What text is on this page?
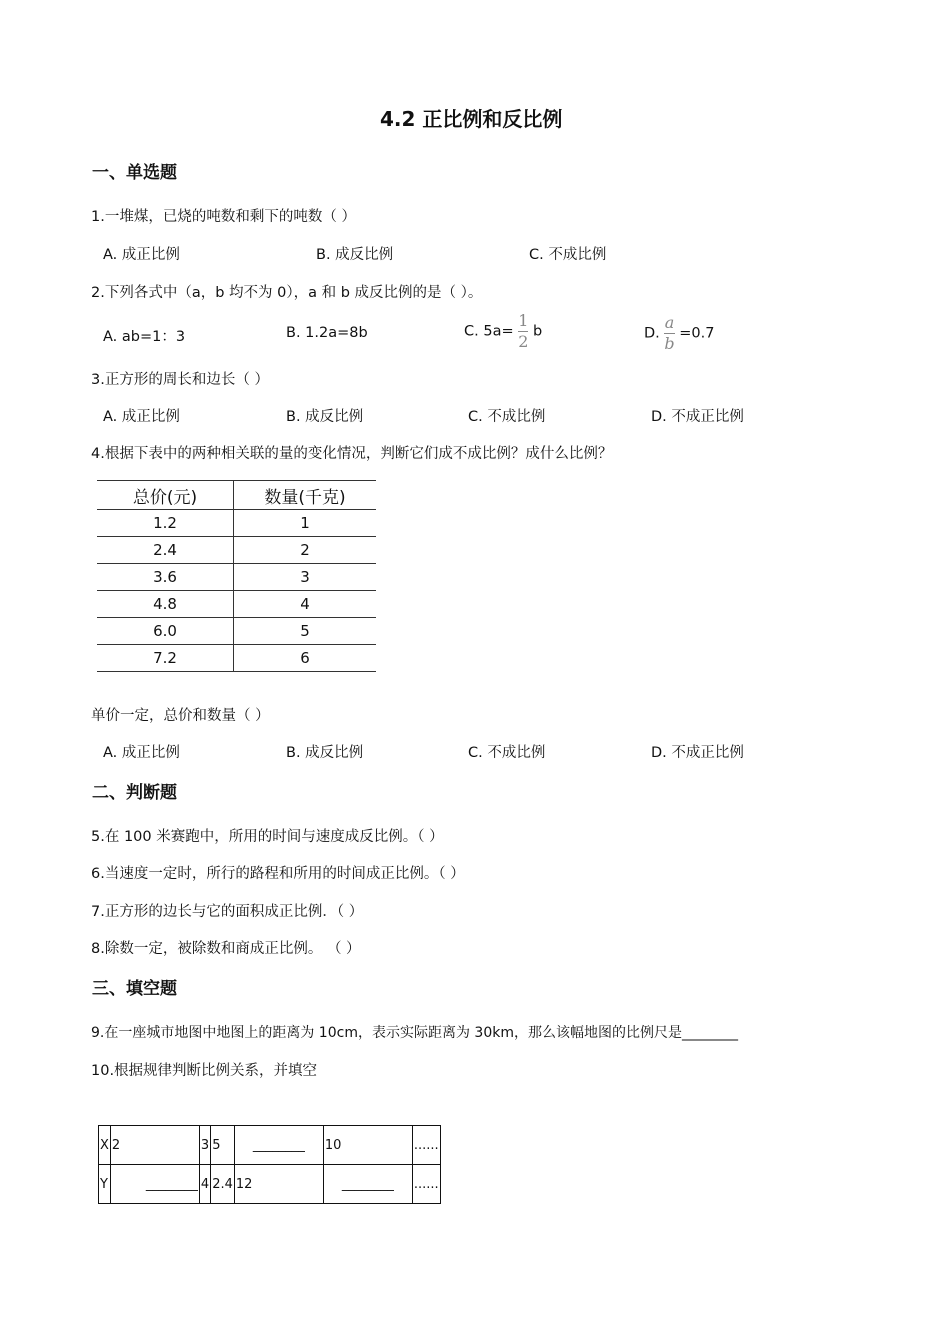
4.2 正比例和反比例
一、单选题
1.一堆煤，已烧的吨数和剩下的吨数（ ）
A. 成正比例	B. 成反比例	C. 不成比例
2.下列各式中（a，b 均不为 0），a 和 b 成反比例的是（ ）。
A. ab=1：3	B. 1.2a=8b	C. $5a= \frac{1}{2}$ b	D. $\frac{a}{b} =0.7$
3.正方形的周长和边长（ ）
A. 成正比例	B. 成反比例	C. 不成比例	D. 不成正比例
4.根据下表中的两种相关联的量的变化情况，判断它们成不成比例？成什么比例？
总价(元)	数量(千克)
1.2	1
2.4	2
3.6	3
4.8	4
6.0	5
7.2	6
单价一定，总价和数量（ ）
A. 成正比例	B. 成反比例	C. 不成比例	D. 不成正比例
二、判断题
5.在 100 米赛跑中，所用的时间与速度成反比例。（ ）
6.当速度一定时，所行的路程和所用的时间成正比例。（ ）
7.正方形的边长与它的面积成正比例．（ ）
8.除数一定，被除数和商成正比例。 （ ）
三、填空题
9.在一座城市地图中地图上的距离为 10cm，表示实际距离为 30km，那么该幅地图的比例尺是________
10.根据规律判断比例关系，并填空
X	2	3	5	________	10	......
Y	________	4	2.4	12	________	......
